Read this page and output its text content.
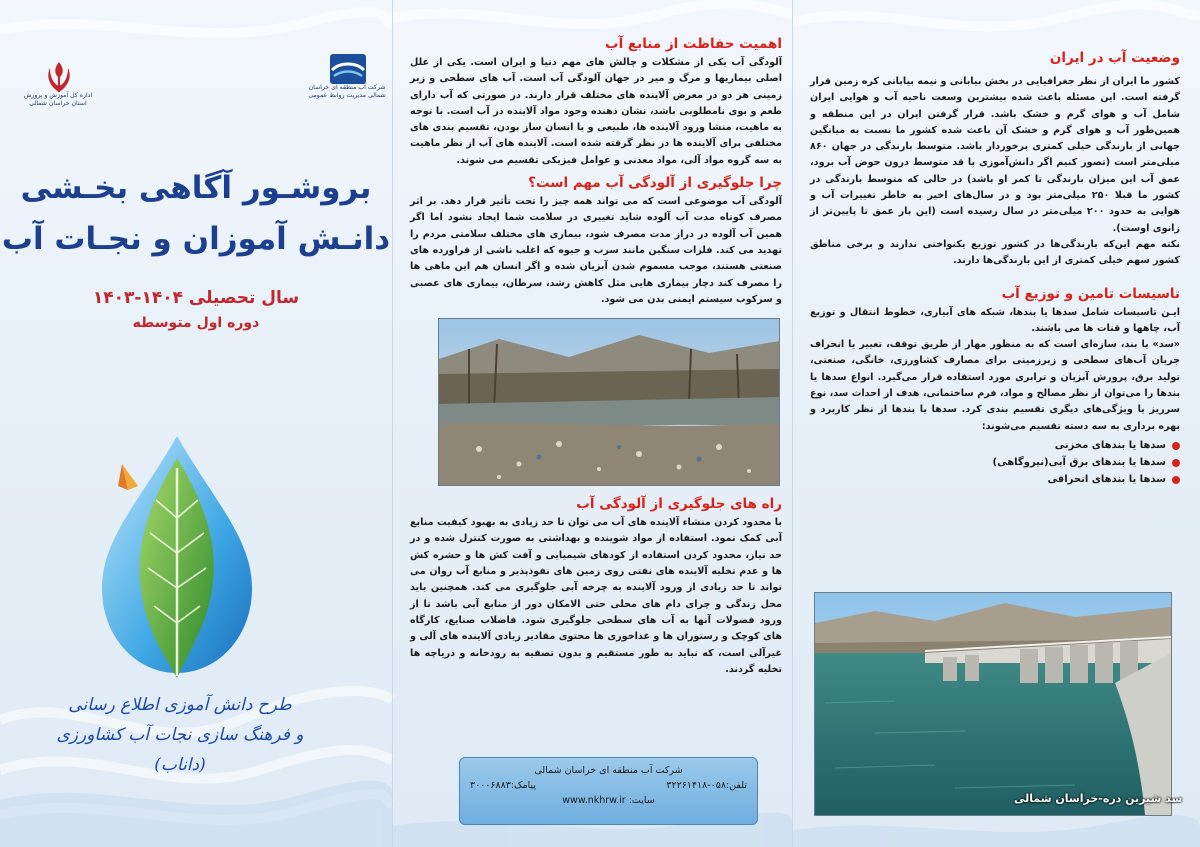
اداره کل آموزش و پرورش استان خراسان شمالی
شرکت آب منطقه ای خراسان شمالی مدیریت روابط عمومی
بروشـور آگاهی بخـشی
دانـش آموزان و نجـات آب
سال تحصیلی ۱۴۰۴-۱۴۰۳
دوره اول متوسطه
طرح دانش آموزی اطلاع رسانی
و فرهنگ سازی نجات آب کشاورزی
(داناب)
اهمیت حفاظت از منابع آب

آلودگی آب یکی از مشکلات و چالش های مهم دنیا و ایران است. یکی از علل اصلی بیماریها و مرگ و میر در جهان آلودگی آب است. آب های سطحی و زیر زمینی هر دو در معرض آلاینده های مختلف قرار دارند. در صورتی که آب دارای طعم و بوی نامطلوبی باشد، نشان دهنده وجود مواد آلاینده در آب است. با توجه به ماهیت، منشا ورود آلاینده ها، طبیعی و یا انسان ساز بودن، تقسیم بندی های مختلفی برای آلاینده ها در نظر گرفته شده است. آلاینده های آب از نظر ماهیت به سه گروه مواد آلی، مواد معدنی و عوامل فیزیکی تقسیم می شوند.

چرا جلوگیری از آلودگی آب مهم است؟

آلودگی آب موضوعی است که می تواند همه چیز را تحت تأثیر قرار دهد. بر اثر مصرف کوتاه مدت آب آلوده شاید تغییری در سلامت شما ایجاد نشود اما اگر همین آب آلوده در دراز مدت مصرف شود، بیماری های مختلف سلامتی مردم را تهدید می کند. فلزات سنگین مانند سرب و جیوه که اغلب ناشی از فراورده های صنعتی هستند، موجب مسموم شدن آبزیان شده و اگر انسان هم این ماهی ها را مصرف کند دچار بیماری هایی مثل کاهش رشد، سرطان، بیماری های عصبی و سرکوب سیستم ایمنی بدن می شود.

راه های جلوگیری از آلودگی آب

با محدود کردن منشاء آلاینده های آب می توان تا حد زیادی به بهبود کیفیت منابع آبی کمک نمود. استفاده از مواد شوینده و بهداشتی به صورت کنترل شده و در حد نیاز، محدود کردن استفاده از کودهای شیمیایی و آفت کش ها و حشره کش ها و عدم تخلیه آلاینده های نفتی روی زمین های نفوذپذیر و منابع آب روان می تواند تا حد زیادی از ورود آلاینده به چرخه آبی جلوگیری می کند. همچنین باید محل زندگی و چرای دام های محلی حتی الامکان دور از منابع آبی باشد تا از ورود فضولات آنها به آب های سطحی جلوگیری شود. فاضلاب صنایع، کارگاه های کوچک و رستوران ها و غذاخوری ها محتوی مقادیر زیادی آلاینده های آلی و غیرآلی است، که نباید به طور مستقیم و بدون تصفیه به رودخانه و دریاچه ها تخلیه گردند.

شرکت آب منطقه ای خراسان شمالی
تلفن:۰۵۸-۳۲۲۶۱۴۱۸
پیامک:۳۰۰۰۶۸۸۳
سایت: www.nkhrw.ir
وضعیت آب در ایران

کشور ما ایران از نظر جغرافیایی در بخش بیابانی و نیمه بیابانی کره زمین قرار گرفته است. این مسئله باعث شده بیشترین وسعت ناحیه آب و هوایی ایران شامل آب و هوای گرم و خشک باشد. قرار گرفتن ایران در این منطقه و همین‌طور آب و هوای گرم و خشک آن باعث شده کشور ما نسبت به میانگین جهانی از بارندگی خیلی کمتری برخوردار باشد. متوسط بارندگی در جهان ۸۶۰ میلی‌متر است (تصور کنیم اگر دانش‌آموزی با قد متوسط درون حوض آب برود، عمق آب این میزان بارندگی تا کمر او باشد) در حالی که متوسط بارندگی در کشور ما قبلا ۲۵۰ میلی‌متر بود و در سال‌های اخیر به خاطر تغییرات آب و هوایی به حدود ۲۰۰ میلی‌متر در سال رسیده است (این بار عمق تا پایین‌تر از زانوی اوست).

نکته مهم این‌که بارندگی‌ها در کشور توزیع یکنواختی ندارند و برخی مناطق کشور سهم خیلی کمتری از این بارندگی‌ها دارند.

تاسیسات تامین و توزیع آب

ایـن تاسیسات شامل سدها یا بندها، شبکه های آبیاری، خطوط انتقال و توزیع آب، چاهها و قنات ها می باشند.

«سد» یا بند، سازه‌ای است که به منظور مهار از طریق توقف، تغییر یا انحراف جریان آب‌های سطحی و زیرزمینی برای مصارف کشاورزی، خانگی، صنعتی، تولید برق، پرورش آبزیان و ترابری مورد استفاده قرار می‌گیرد. انواع سدها یا بندها را می‌توان از نظر مصالح و مواد، فرم ساختمانی، هدف از احداث سد، نوع سرریز یا ویژگی‌های دیگری تقسیم بندی کرد. سدها یا بندها از نظر کاربرد و بهره برداری به سه دسته تقسیم می‌شوند:

سدها یا بندهای مخزنی
سدها یا بندهای برق آبی(نیروگاهی)
سدها یا بندهای انحرافی
سد شیرین دره-خراسان شمالی
